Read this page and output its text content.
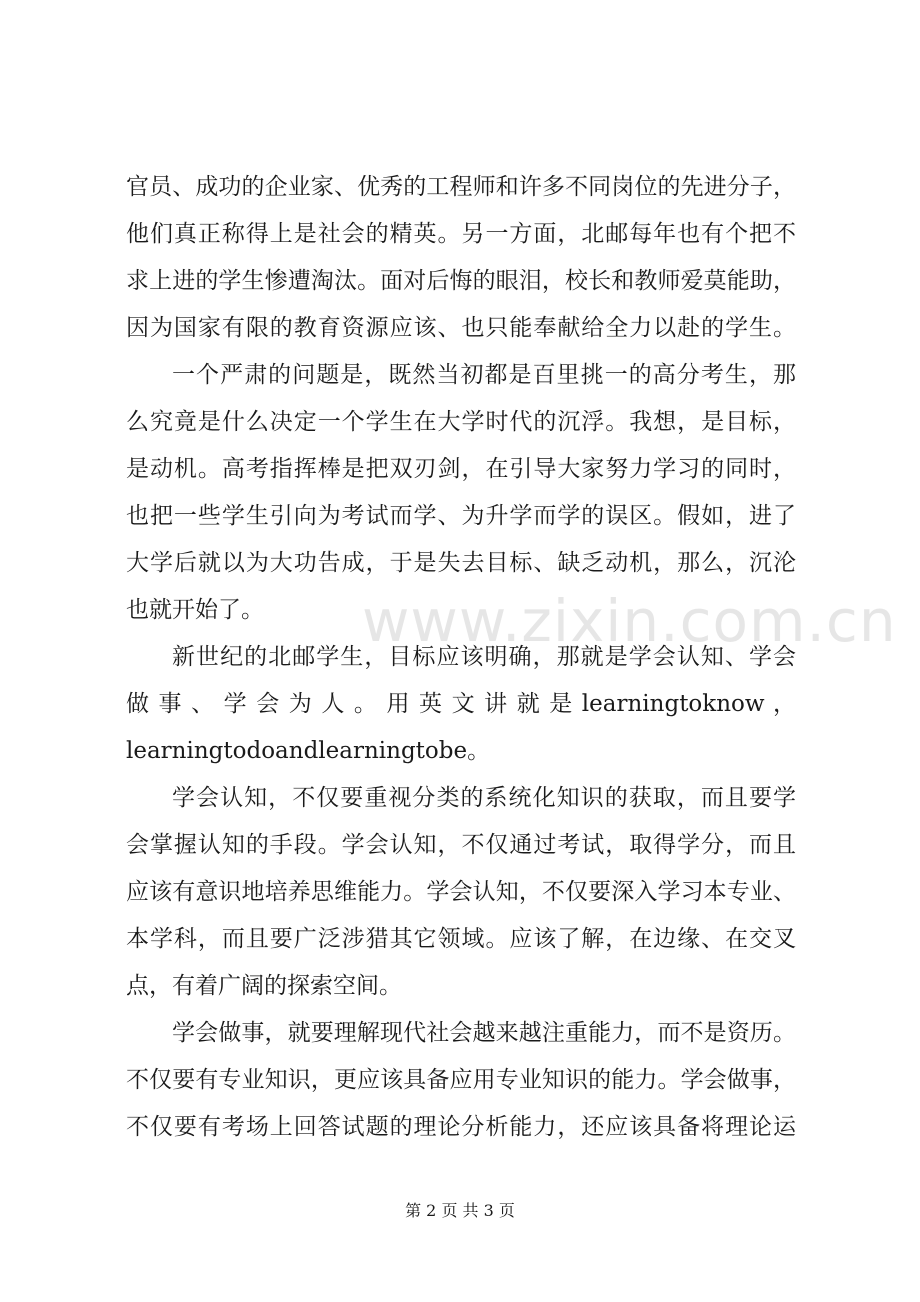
官员、成功的企业家、优秀的工程师和许多不同岗位的先进分子，
他们真正称得上是社会的精英。另一方面，北邮每年也有个把不
求上进的学生惨遭淘汰。面对后悔的眼泪，校长和教师爱莫能助，
因为国家有限的教育资源应该、也只能奉献给全力以赴的学生。
一个严肃的问题是，既然当初都是百里挑一的高分考生，那
么究竟是什么决定一个学生在大学时代的沉浮。我想，是目标，
是动机。高考指挥棒是把双刃剑，在引导大家努力学习的同时，
也把一些学生引向为考试而学、为升学而学的误区。假如，进了
大学后就以为大功告成，于是失去目标、缺乏动机，那么，沉沦
也就开始了。
新世纪的北邮学生，目标应该明确，那就是学会认知、学会
做 事 、 学 会 为 人 。 用 英 文 讲 就 是 learningtoknow ，
learningtodoandlearningtobe。
学会认知，不仅要重视分类的系统化知识的获取，而且要学
会掌握认知的手段。学会认知，不仅通过考试，取得学分，而且
应该有意识地培养思维能力。学会认知，不仅要深入学习本专业、
本学科，而且要广泛涉猎其它领域。应该了解，在边缘、在交叉
点，有着广阔的探索空间。
学会做事，就要理解现代社会越来越注重能力，而不是资历。
不仅要有专业知识，更应该具备应用专业知识的能力。学会做事，
不仅要有考场上回答试题的理论分析能力，还应该具备将理论运
www.zixin.com.cn
第 2 页 共 3 页
